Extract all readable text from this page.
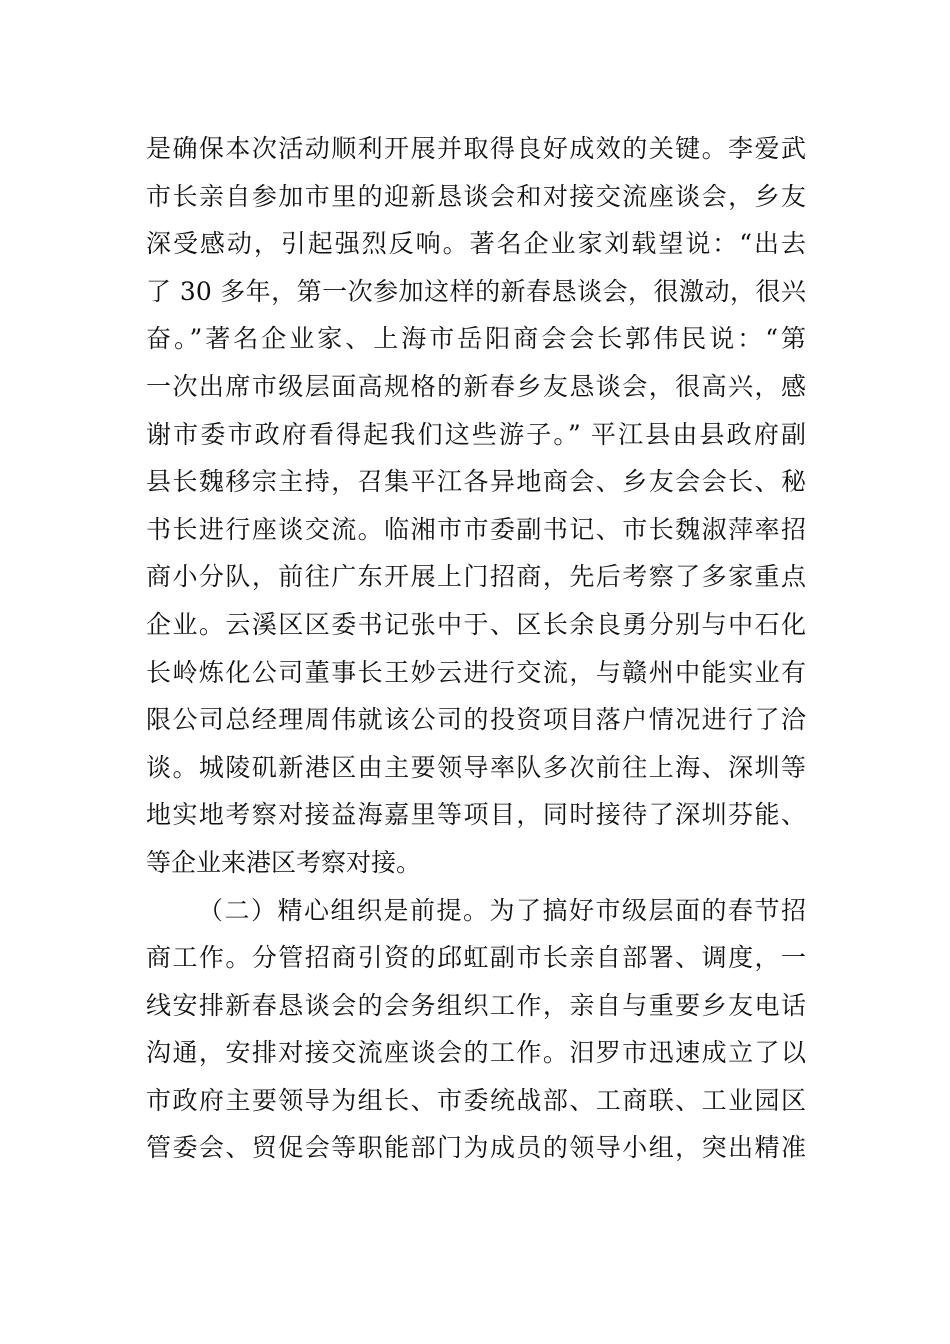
是确保本次活动顺利开展并取得良好成效的关键。李爱武
市长亲自参加市里的迎新恳谈会和对接交流座谈会，乡友
深受感动，引起强烈反响。著名企业家刘载望说：“出去
了 30 多年，第一次参加这样的新春恳谈会，很激动，很兴
奋。”著名企业家、上海市岳阳商会会长郭伟民说：“第
一次出席市级层面高规格的新春乡友恳谈会，很高兴，感
谢市委市政府看得起我们这些游子。” 平江县由县政府副
县长魏移宗主持，召集平江各异地商会、乡友会会长、秘
书长进行座谈交流。临湘市市委副书记、市长魏淑萍率招
商小分队，前往广东开展上门招商，先后考察了多家重点
企业。云溪区区委书记张中于、区长余良勇分别与中石化
长岭炼化公司董事长王妙云进行交流，与赣州中能实业有
限公司总经理周伟就该公司的投资项目落户情况进行了洽
谈。城陵矶新港区由主要领导率队多次前往上海、深圳等
地实地考察对接益海嘉里等项目，同时接待了深圳芬能、
等企业来港区考察对接。
（二）精心组织是前提。为了搞好市级层面的春节招
商工作。分管招商引资的邱虹副市长亲自部署、调度，一
线安排新春恳谈会的会务组织工作，亲自与重要乡友电话
沟通，安排对接交流座谈会的工作。汨罗市迅速成立了以
市政府主要领导为组长、市委统战部、工商联、工业园区
管委会、贸促会等职能部门为成员的领导小组，突出精准
